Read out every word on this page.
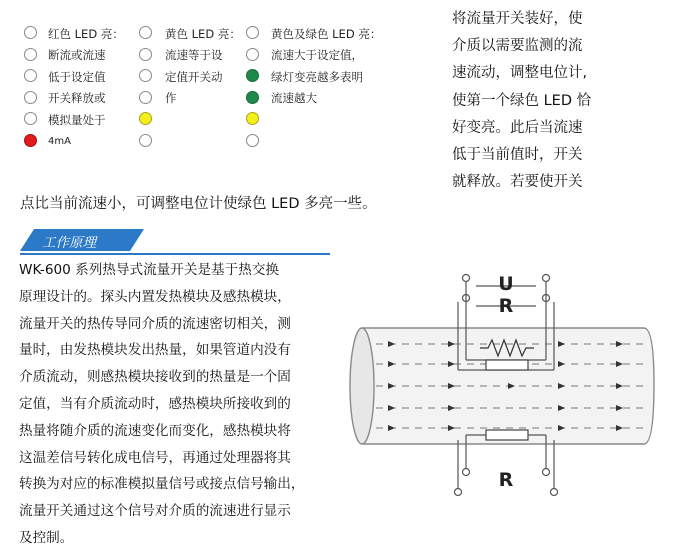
红色 LED 亮：
断流或流速
低于设定值
开关释放或
模拟量处于
4mA
黄色 LED 亮：
流速等于设
定值开关动
作
黄色及绿色 LED 亮：
流速大于设定值，
绿灯变亮越多表明
流速越大
将流量开关装好，使
介质以需要监测的流
速流动，调整电位计,
使第一个绿色 LED 恰
好变亮。此后当流速
低于当前值时，开关
就释放。若要使开关
点比当前流速小，可调整电位计使绿色 LED 多亮一些。
工作原理
WK-600 系列热导式流量开关是基于热交换
原理设计的。探头内置发热模块及感热模块，
流量开关的热传导同介质的流速密切相关，测
量时，由发热模块发出热量，如果管道内没有
介质流动，则感热模块接收到的热量是一个固
定值，当有介质流动时，感热模块所接收到的
热量将随介质的流速变化而变化，感热模块将
这温差信号转化成电信号，再通过处理器将其
转换为对应的标准模拟量信号或接点信号输出，
流量开关通过这个信号对介质的流速进行显示
及控制。
U
R
R
